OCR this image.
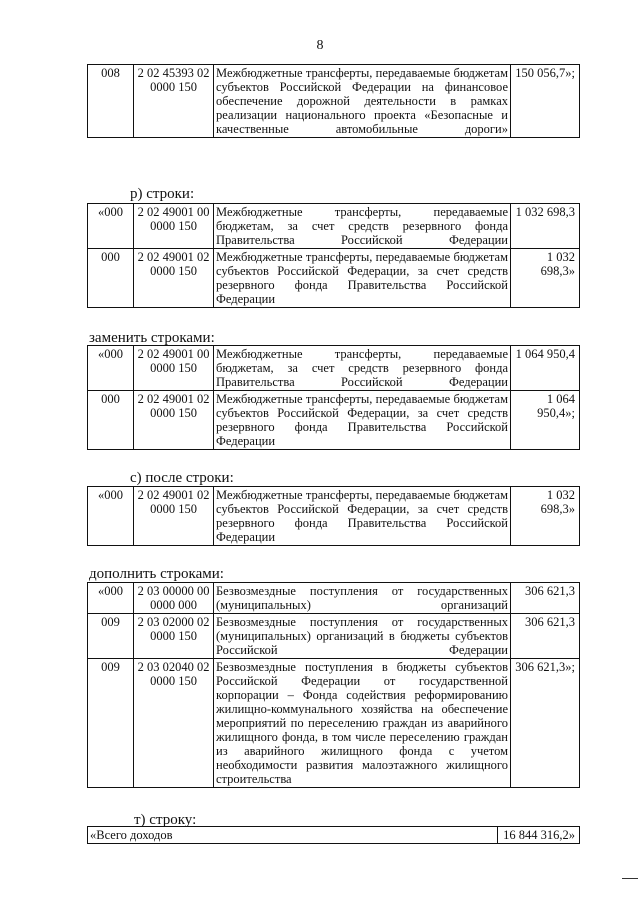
8
008	2 02 45393 02 0000 150	Межбюджетные трансферты, передаваемые бюджетам субъектов Российской Федерации на финансовое обеспечение дорожной деятельности в рамках реализации национального проекта «Безопасные и качественные автомобильные дороги»	150 056,7»;
р) строки:
«000	2 02 49001 00 0000 150	Межбюджетные трансферты, передаваемые бюджетам, за счет средств резервного фонда Правительства Российской Федерации	1 032 698,3
000	2 02 49001 02 0000 150	Межбюджетные трансферты, передаваемые бюджетам субъектов Российской Федерации, за счет средств резервного фонда Правительства Российской Федерации	1 032 698,3»
заменить строками:
«000	2 02 49001 00 0000 150	Межбюджетные трансферты, передаваемые бюджетам, за счет средств резервного фонда Правительства Российской Федерации	1 064 950,4
000	2 02 49001 02 0000 150	Межбюджетные трансферты, передаваемые бюджетам субъектов Российской Федерации, за счет средств резервного фонда Правительства Российской Федерации	1 064 950,4»;
с) после строки:
«000	2 02 49001 02 0000 150	Межбюджетные трансферты, передаваемые бюджетам субъектов Российской Федерации, за счет средств резервного фонда Правительства Российской Федерации	1 032 698,3»
дополнить строками:
«000	2 03 00000 00 0000 000	Безвозмездные поступления от государственных (муниципальных) организаций	306 621,3
009	2 03 02000 02 0000 150	Безвозмездные поступления от государственных (муниципальных) организаций в бюджеты субъектов Российской Федерации	306 621,3
009	2 03 02040 02 0000 150	Безвозмездные поступления в бюджеты субъектов Российской Федерации от государственной корпорации – Фонда содействия реформированию жилищно-коммунального хозяйства на обеспечение мероприятий по переселению граждан из аварийного жилищного фонда, в том числе переселению граждан из аварийного жилищного фонда с учетом необходимости развития малоэтажного жилищного строительства	306 621,3»;
т) строку:
«Всего доходов	16 844 316,2»
